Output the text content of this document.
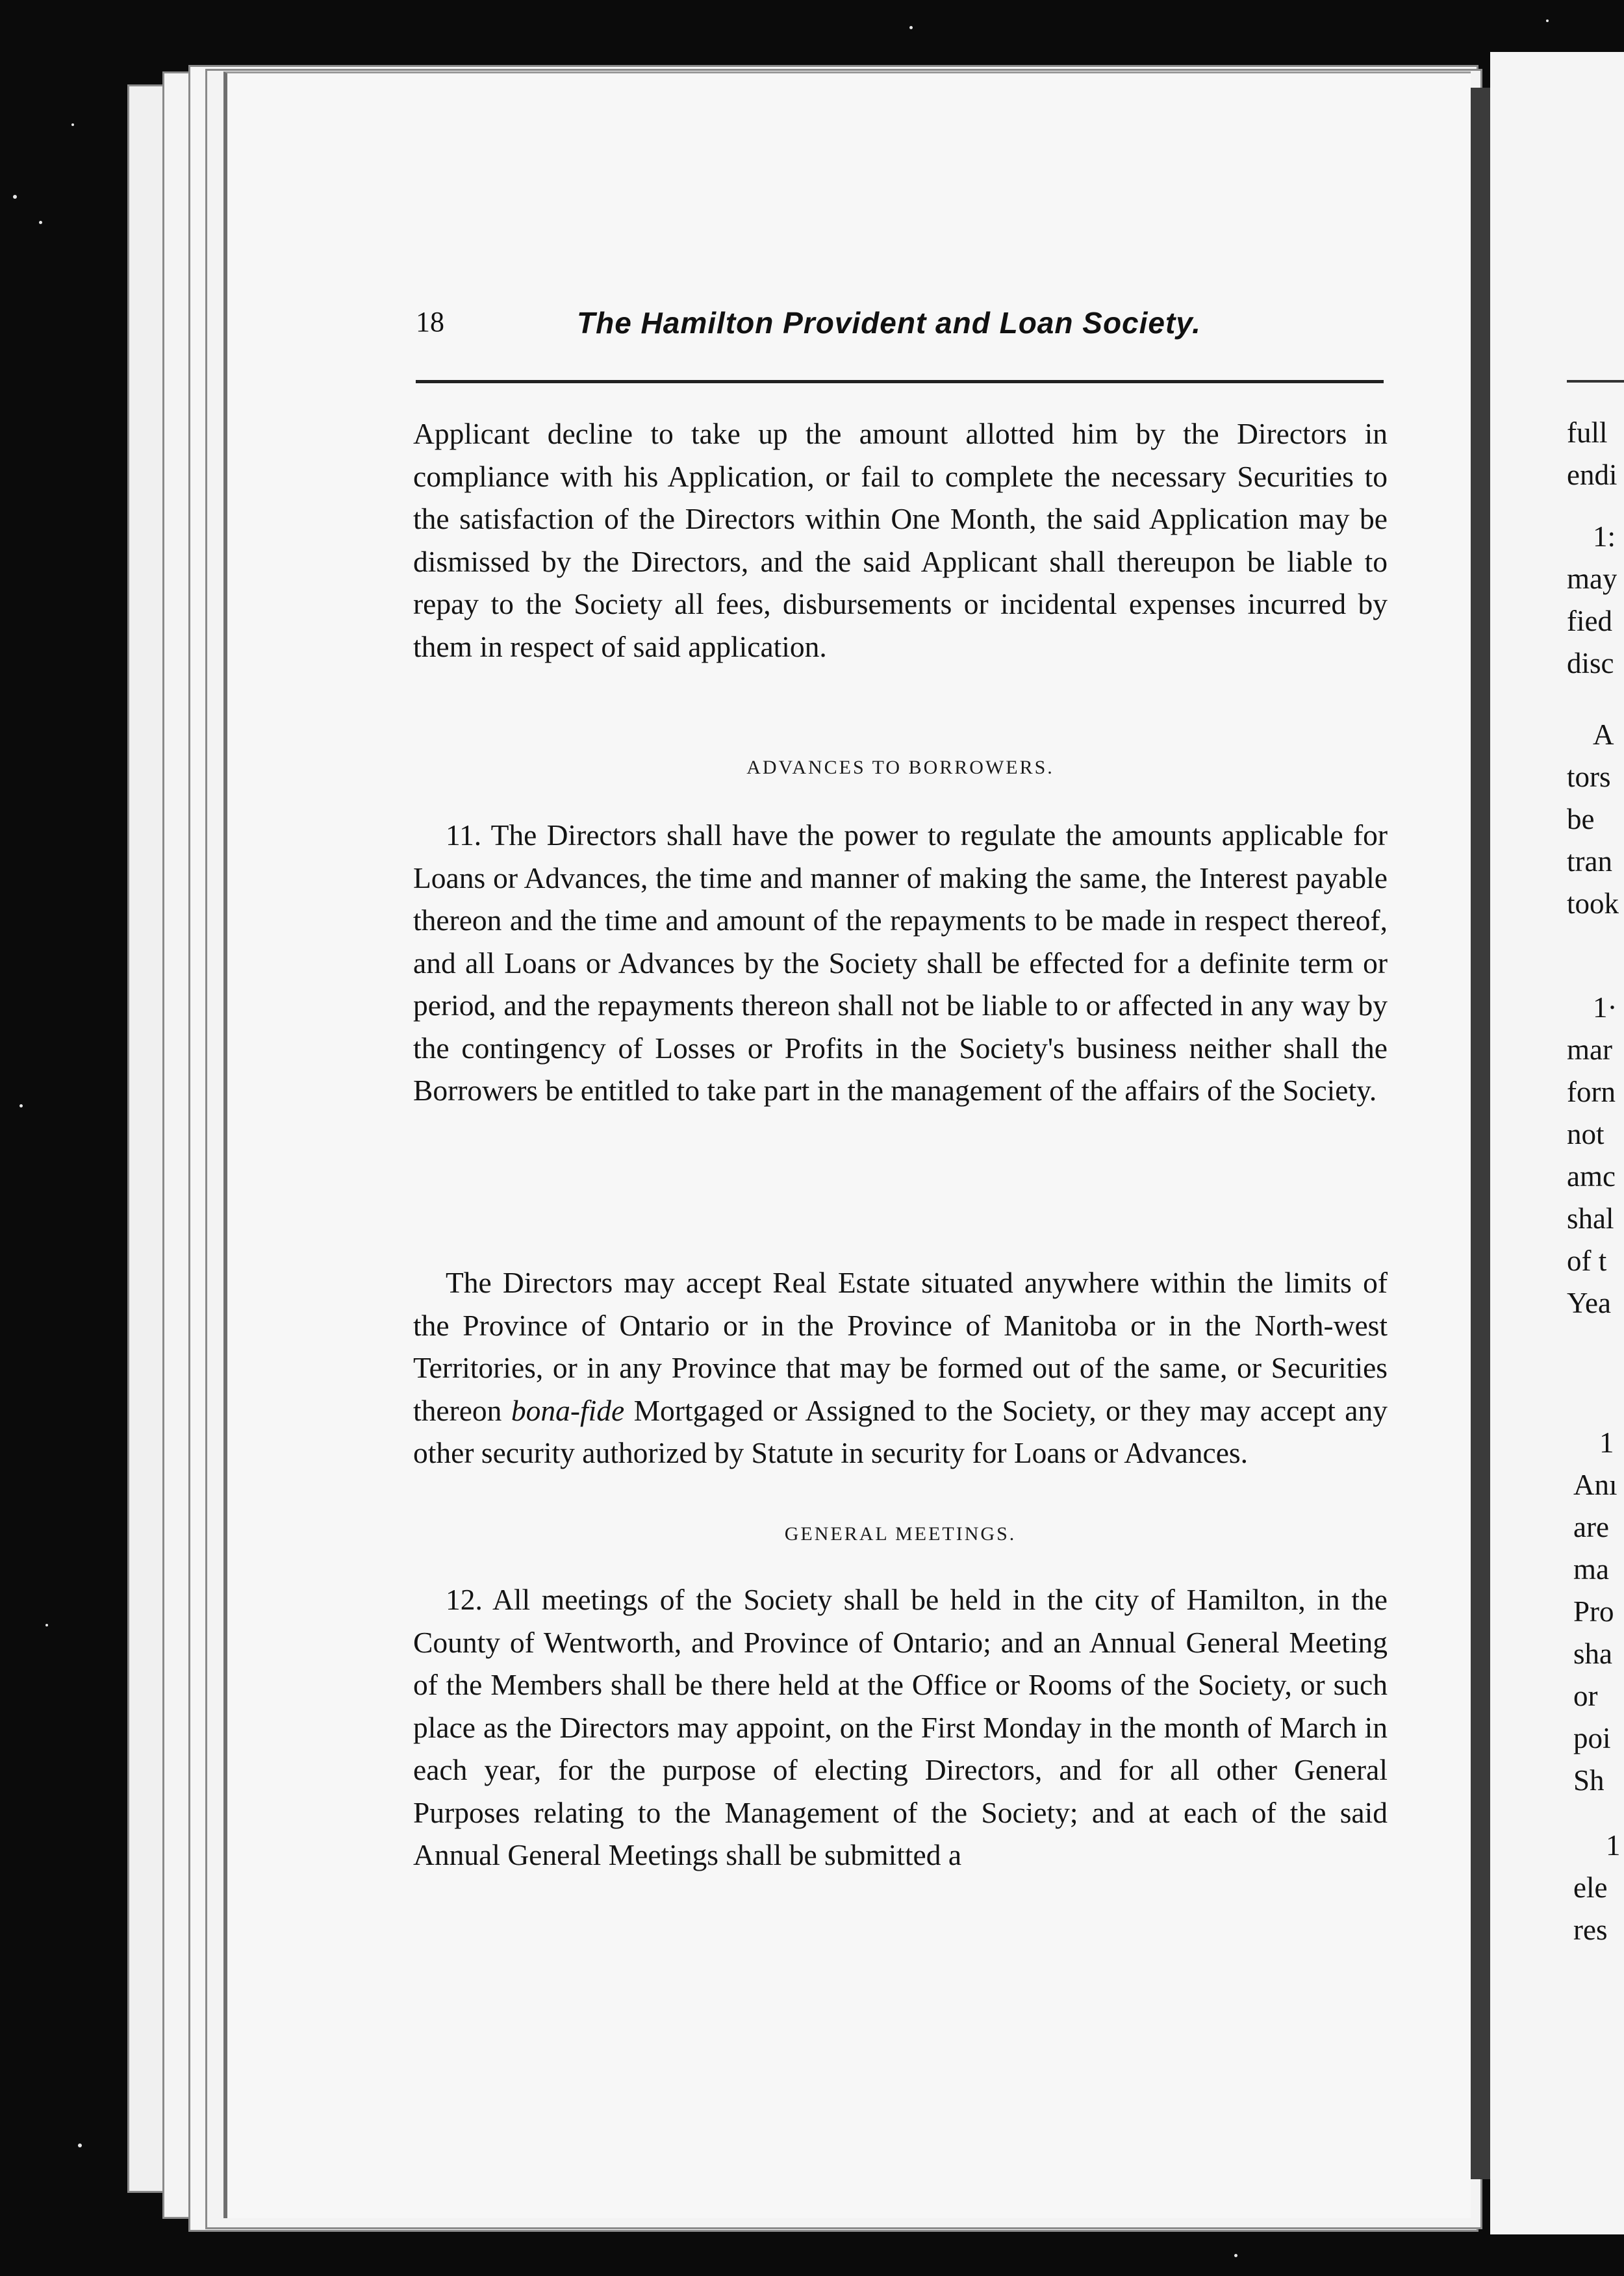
18	The Hamilton Provident and Loan Society.

Applicant decline to take up the amount allotted him by the Directors in compliance with his Application, or fail to complete the necessary Securities to the satisfaction of the Directors within One Month, the said Application may be dismissed by the Directors, and the said Applicant shall thereupon be liable to repay to the Society all fees, disbursements or incidental expenses incurred by them in respect of said application.

ADVANCES TO BORROWERS.

11. The Directors shall have the power to regulate the amounts applicable for Loans or Advances, the time and manner of making the same, the Interest payable thereon and the time and amount of the repayments to be made in respect thereof, and all Loans or Advances by the Society shall be effected for a definite term or period, and the repayments thereon shall not be liable to or affected in any way by the contingency of Losses or Profits in the Society's business neither shall the Borrowers be entitled to take part in the management of the affairs of the Society.

The Directors may accept Real Estate situated anywhere within the limits of the Province of Ontario or in the Province of Manitoba or in the North-west Territories, or in any Province that may be formed out of the same, or Securities thereon bona-fide Mortgaged or Assigned to the Society, or they may accept any other security authorized by Statute in security for Loans or Advances.

GENERAL MEETINGS.

12. All meetings of the Society shall be held in the city of Hamilton, in the County of Wentworth, and Province of Ontario; and an Annual General Meeting of the Members shall be there held at the Office or Rooms of the Society, or such place as the Directors may appoint, on the First Monday in the month of March in each year, for the purpose of electing Directors, and for all other General Purposes relating to the Management of the Society; and at each of the said Annual General Meetings shall be submitted a

full
endi
1:
may
fied
disc
A
tors
be
tran
took
1·
mar
forn
not
amc
shal
of t
Yea
1
Anı
are
ma
Pro
sha
or
poi
Sh
1
ele
res
